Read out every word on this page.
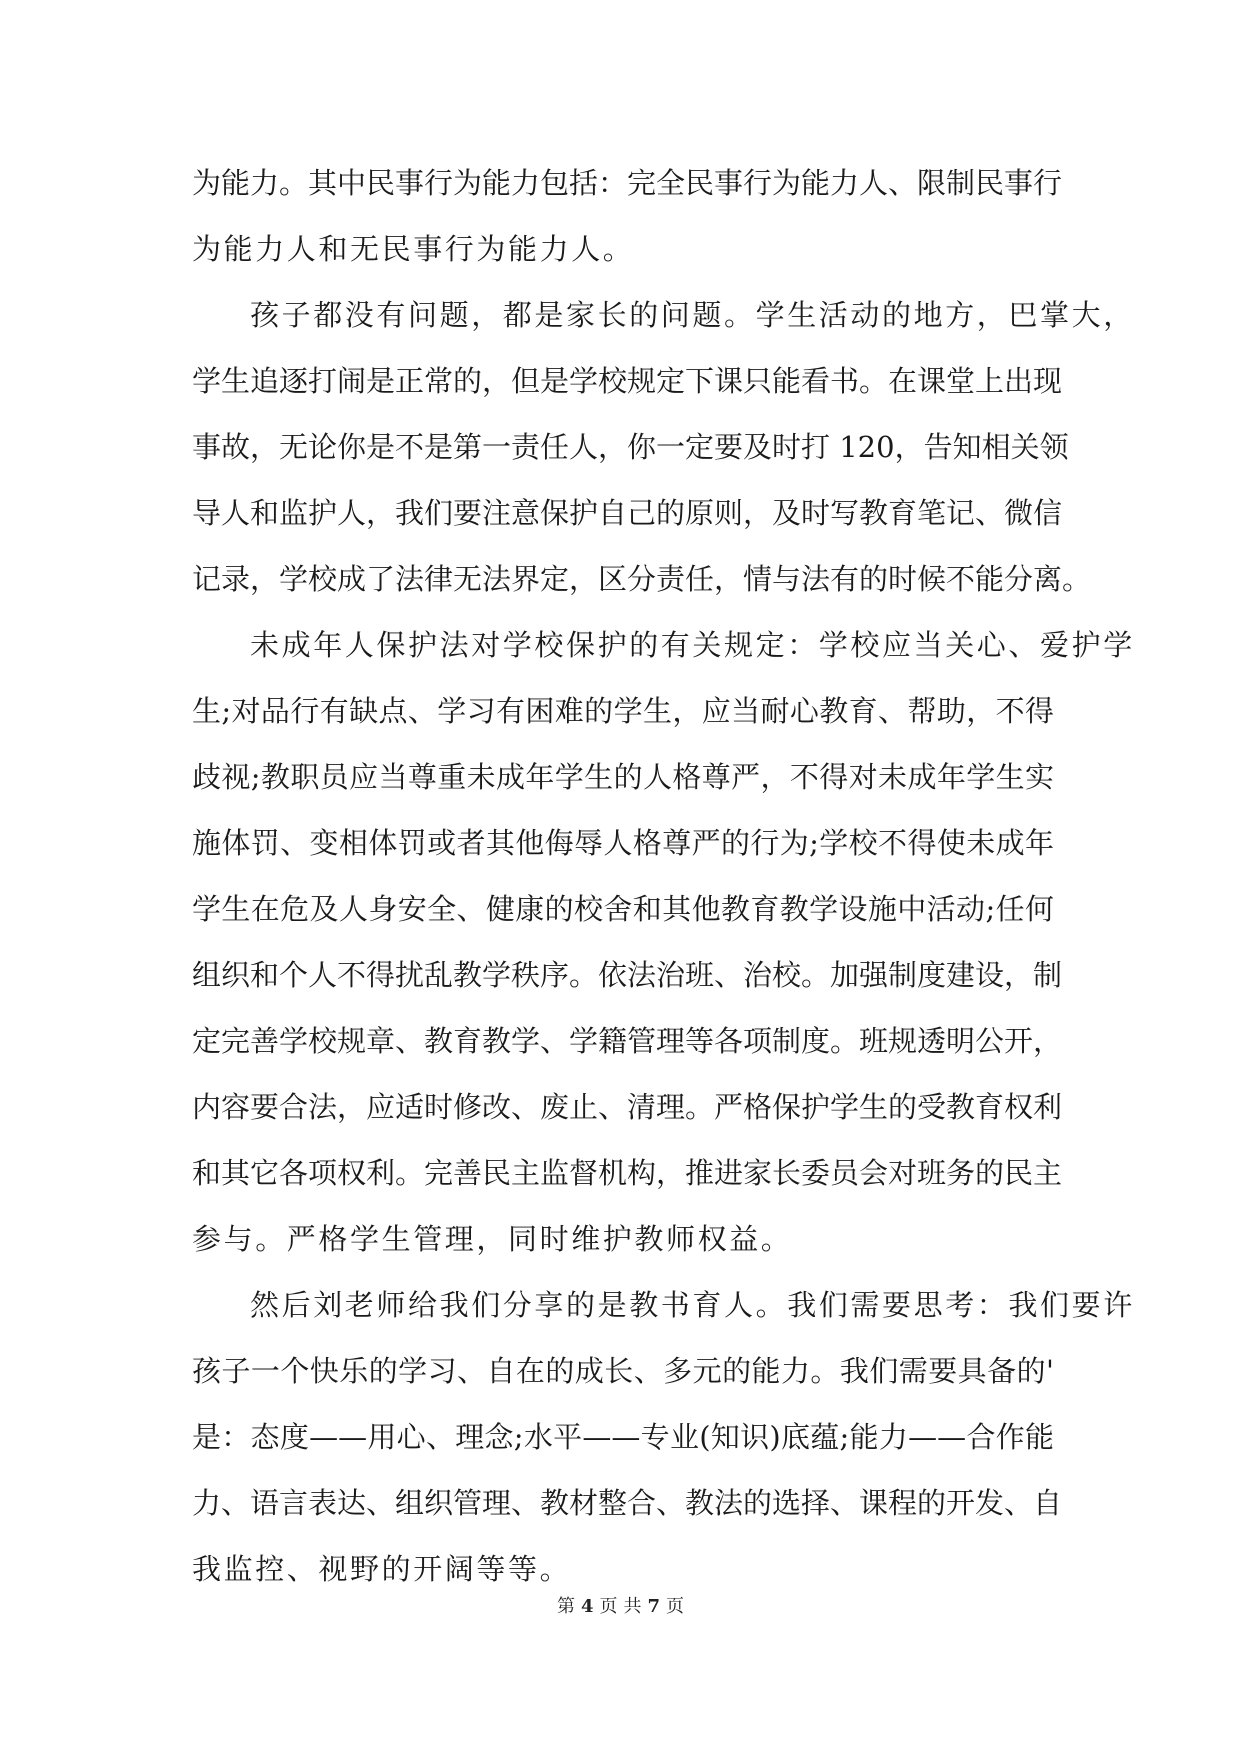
为能力。其中民事行为能力包括：完全民事行为能力人、限制民事行
为能力人和无民事行为能力人。
孩子都没有问题，都是家长的问题。学生活动的地方，巴掌大，
学生追逐打闹是正常的，但是学校规定下课只能看书。在课堂上出现
事故，无论你是不是第一责任人，你一定要及时打 120，告知相关领
导人和监护人，我们要注意保护自己的原则，及时写教育笔记、微信
记录，学校成了法律无法界定，区分责任，情与法有的时候不能分离。
未成年人保护法对学校保护的有关规定：学校应当关心、爱护学
生;对品行有缺点、学习有困难的学生，应当耐心教育、帮助，不得
歧视;教职员应当尊重未成年学生的人格尊严，不得对未成年学生实
施体罚、变相体罚或者其他侮辱人格尊严的行为;学校不得使未成年
学生在危及人身安全、健康的校舍和其他教育教学设施中活动;任何
组织和个人不得扰乱教学秩序。依法治班、治校。加强制度建设，制
定完善学校规章、教育教学、学籍管理等各项制度。班规透明公开，
内容要合法，应适时修改、废止、清理。严格保护学生的受教育权利
和其它各项权利。完善民主监督机构，推进家长委员会对班务的民主
参与。严格学生管理，同时维护教师权益。
然后刘老师给我们分享的是教书育人。我们需要思考：我们要许
孩子一个快乐的学习、自在的成长、多元的能力。我们需要具备的'
是：态度——用心、理念;水平——专业(知识)底蕴;能力——合作能
力、语言表达、组织管理、教材整合、教法的选择、课程的开发、自
我监控、视野的开阔等等。
第 4 页 共 7 页
